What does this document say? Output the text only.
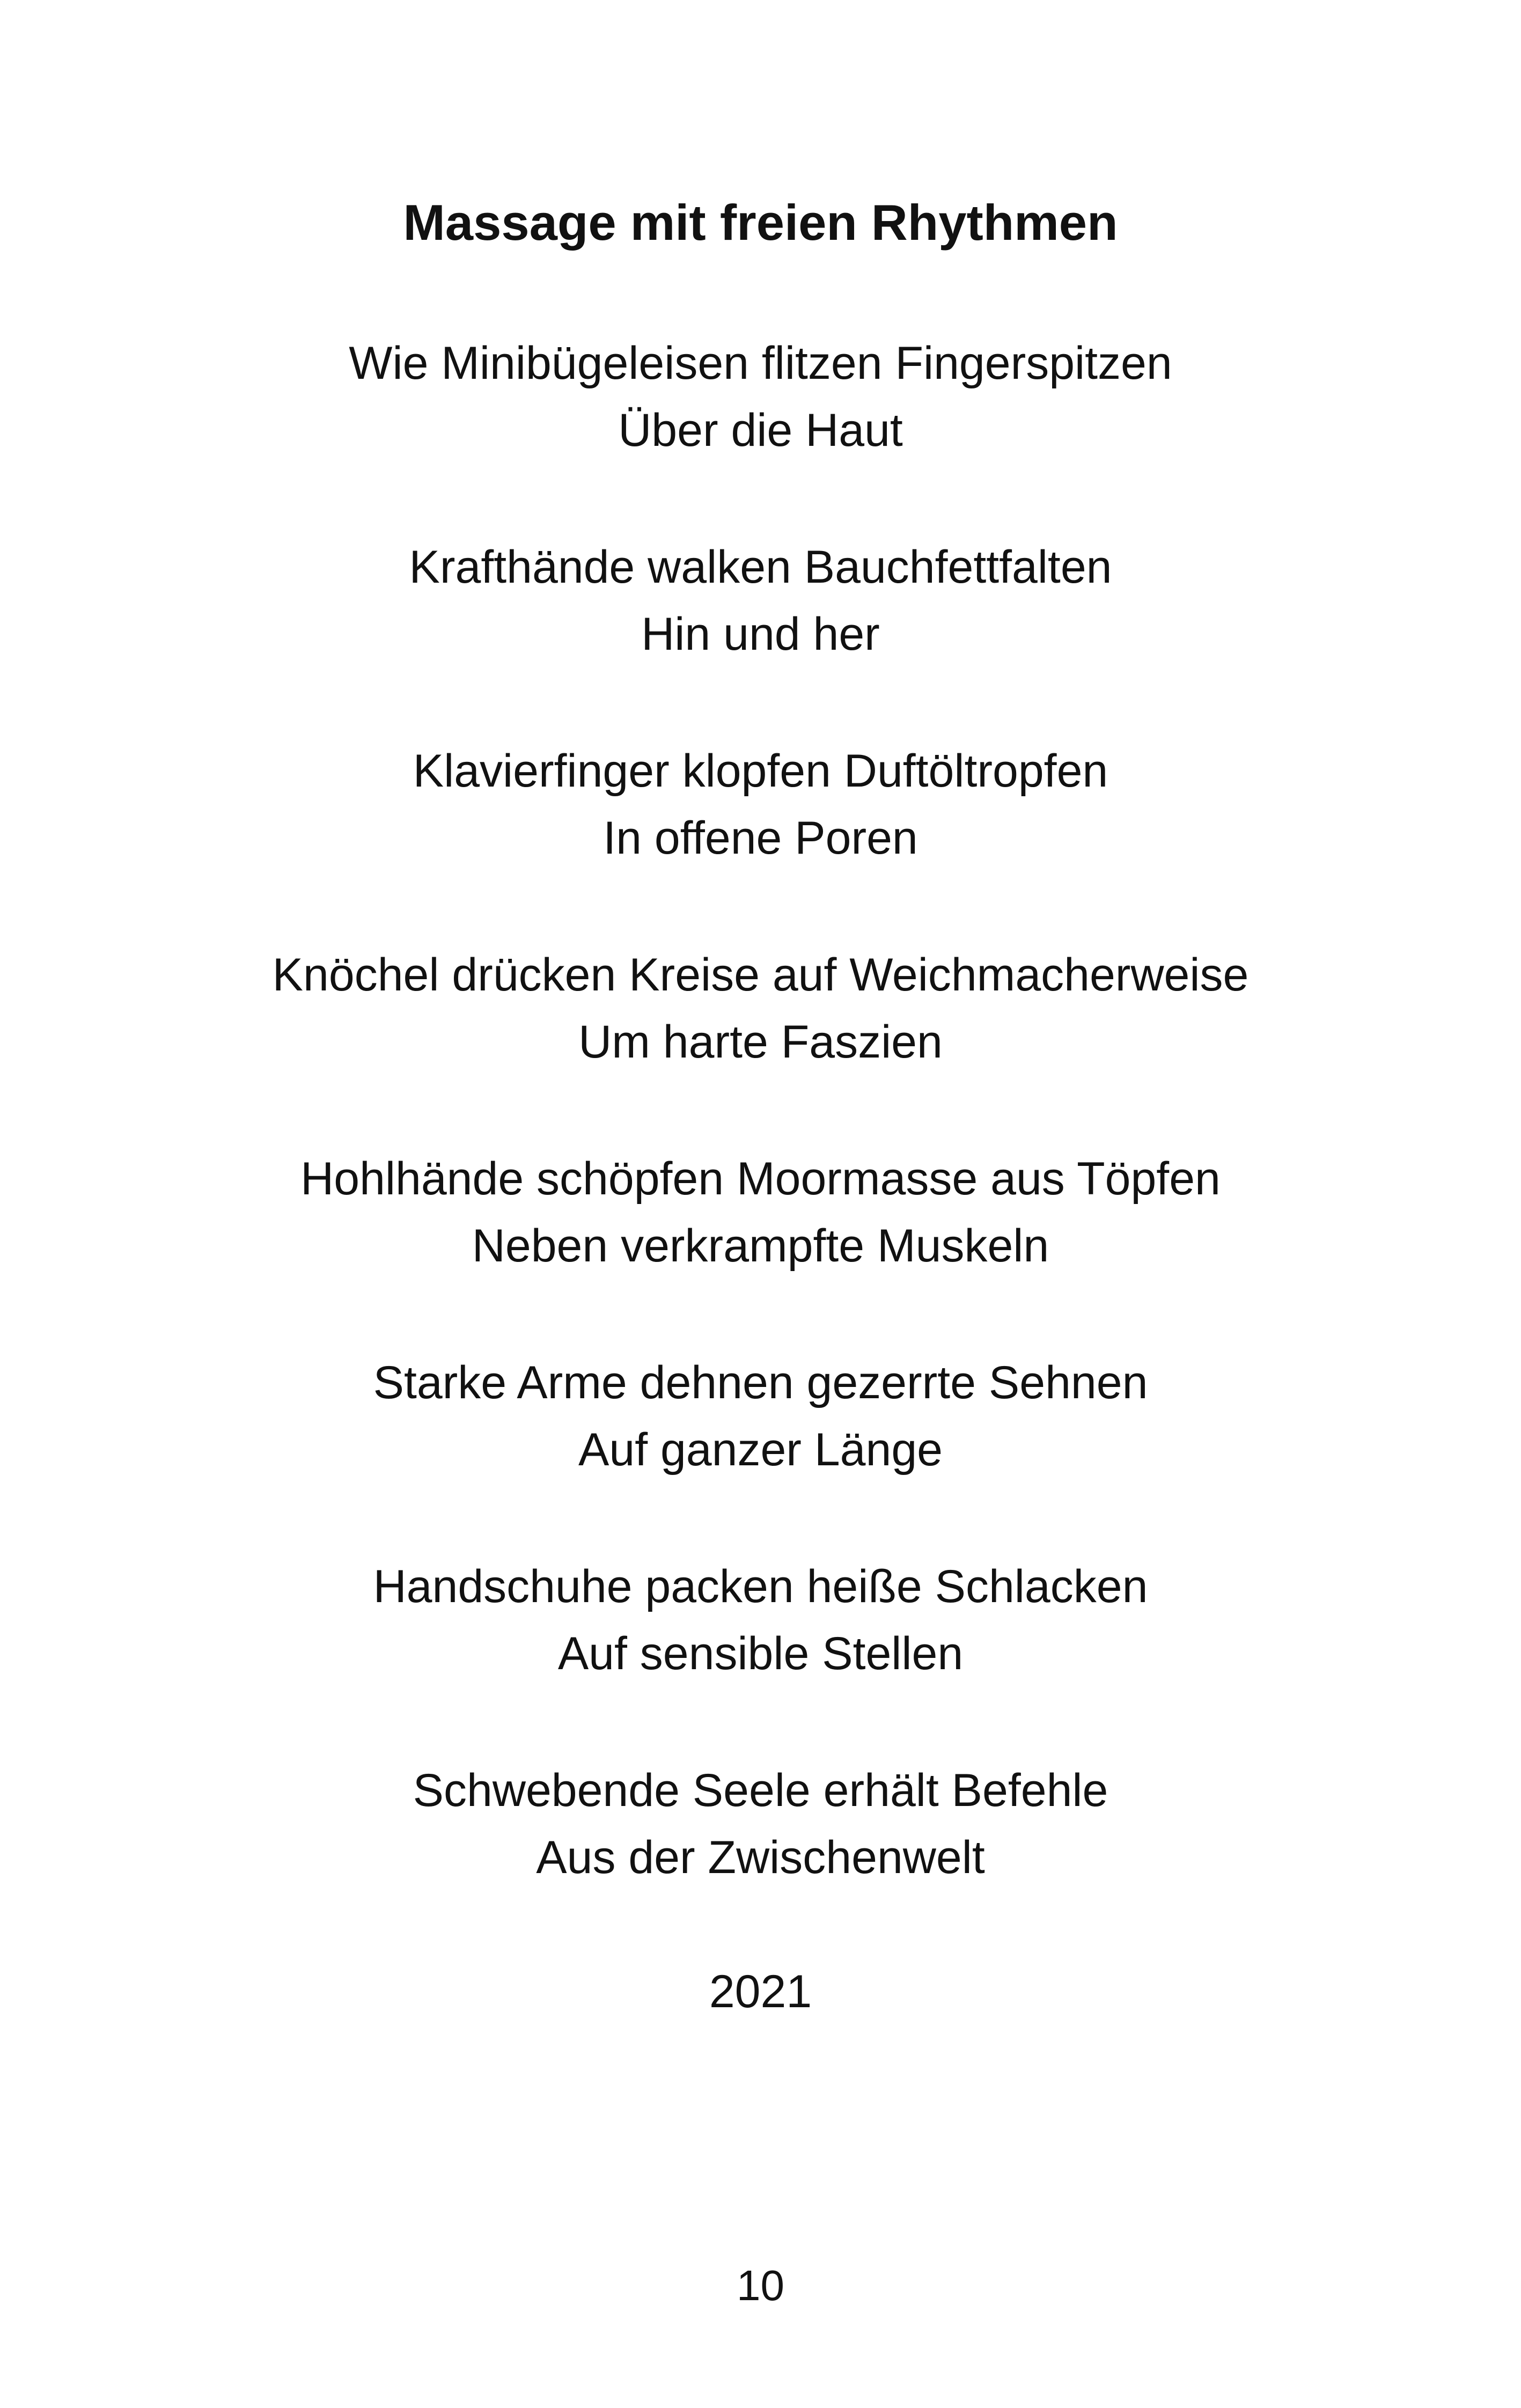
Massage mit freien Rhythmen
Wie Minibügeleisen flitzen Fingerspitzen
Über die Haut
Krafthände walken Bauchfettfalten
Hin und her
Klavierfinger klopfen Duftöltropfen
In offene Poren
Knöchel drücken Kreise auf Weichmacherweise
Um harte Faszien
Hohlhände schöpfen Moormasse aus Töpfen
Neben verkrampfte Muskeln
Starke Arme dehnen gezerrte Sehnen
Auf ganzer Länge
Handschuhe packen heiße Schlacken
Auf sensible Stellen
Schwebende Seele erhält Befehle
Aus der Zwischenwelt
2021
10
